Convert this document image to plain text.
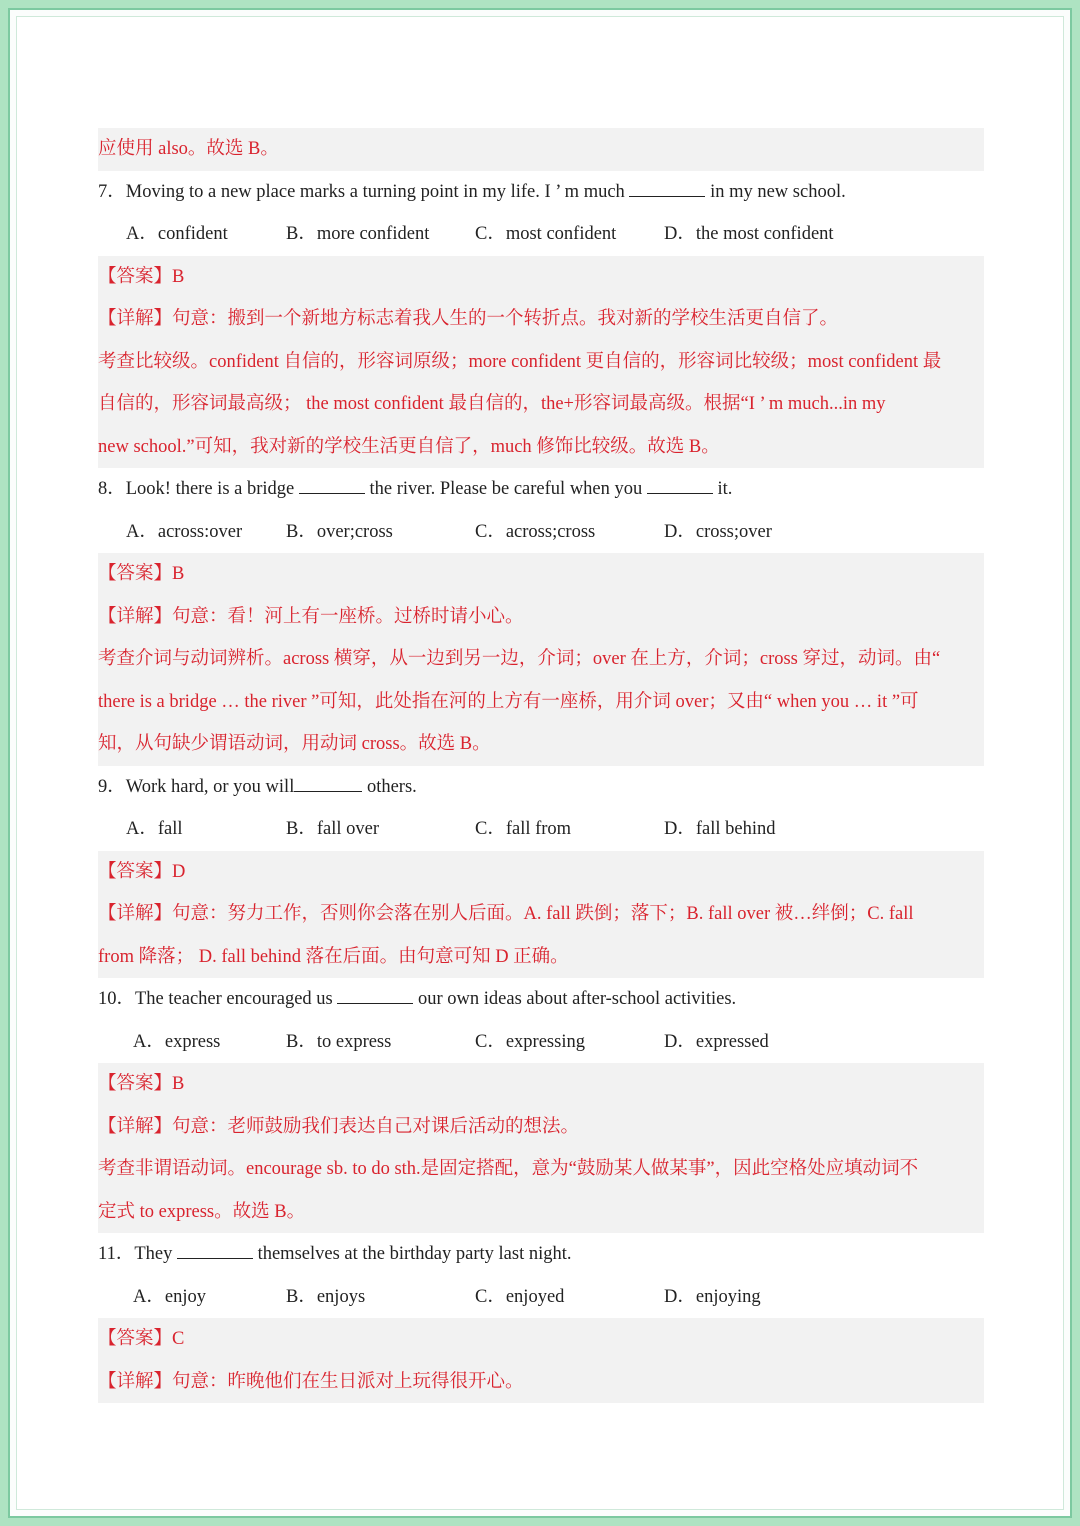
应使用 also。故选 B。
7．Moving to a new place marks a turning point in my life. I ’ m much	in my new school.
A．confident	B．more confident C．most confident	D．the most confident
【答案】B
【详解】句意：搬到一个新地方标志着我人生的一个转折点。我对新的学校生活更自信了。
考查比较级。confident 自信的，形容词原级；more confident 更自信的，形容词比较级；most confident 最
自信的，形容词最高级； the most confident 最自信的，the+形容词最高级。根据“I ’ m much...in my
new school.”可知，我对新的学校生活更自信了，much 修饰比较级。故选 B。
8．Look! there is a bridge	the river. Please be careful when you	it.
A．across:over B．over;cross	C．across;cross	D．cross;over
【答案】B
【详解】句意：看！河上有一座桥。过桥时请小心。
考查介词与动词辨析。across 横穿，从一边到另一边，介词；over 在上方，介词；cross 穿过，动词。由“
there is a bridge … the river ”可知，此处指在河的上方有一座桥，用介词 over；又由“ when you … it ”可
知，从句缺少谓语动词，用动词 cross。故选 B。
9．Work hard, or you will	others.
A．fall	B．fall over	C．fall from	D．fall behind
【答案】D
【详解】句意：努力工作，否则你会落在别人后面。A. fall 跌倒；落下；B. fall over 被…绊倒；C. fall
from 降落； D. fall behind 落在后面。由句意可知 D 正确。
10．The teacher encouraged us	our own ideas about after-school activities.
A．express	B．to express	C．expressing	D．expressed
【答案】B
【详解】句意：老师鼓励我们表达自己对课后活动的想法。
考查非谓语动词。encourage sb. to do sth.是固定搭配，意为“鼓励某人做某事”，因此空格处应填动词不
定式 to express。故选 B。
11．They	themselves at the birthday party last night.
A．enjoy	B．enjoys	C．enjoyed	D．enjoying
【答案】C
【详解】句意：昨晚他们在生日派对上玩得很开心。
